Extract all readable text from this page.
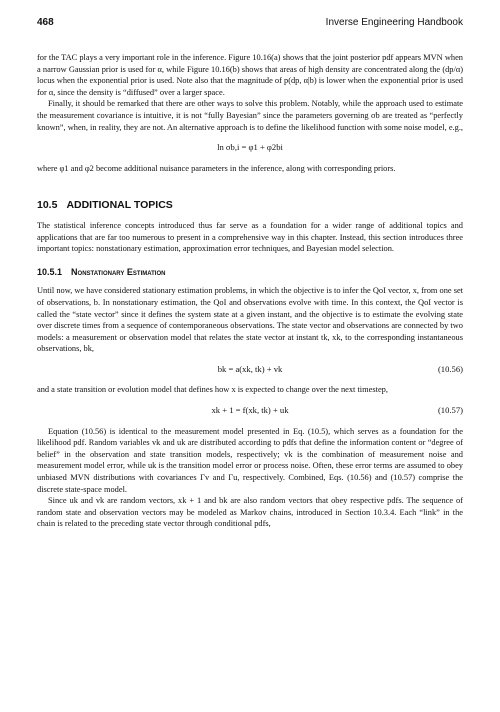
468	Inverse Engineering Handbook

for the TAC plays a very important role in the inference. Figure 10.16(a) shows that the joint posterior pdf appears MVN when a narrow Gaussian prior is used for α, while Figure 10.16(b) shows that areas of high density are concentrated along the (dp/α) locus when the exponential prior is used. Note also that the magnitude of p(dp, α|b) is lower when the exponential prior is used for α, since the density is “diffused” over a larger space.

Finally, it should be remarked that there are other ways to solve this problem. Notably, while the approach used to estimate the measurement covariance is intuitive, it is not “fully Bayesian” since the parameters governing σb are treated as “perfectly known”, when, in reality, they are not. An alternative approach is to define the likelihood function with some noise model, e.g.,

ln σb,i = φ1 + φ2bi

where φ1 and φ2 become additional nuisance parameters in the inference, along with corresponding priors.

10.5 ADDITIONAL TOPICS

The statistical inference concepts introduced thus far serve as a foundation for a wider range of additional topics and applications that are far too numerous to present in a comprehensive way in this chapter. Instead, this section introduces three important topics: nonstationary estimation, approximation error techniques, and Bayesian model selection.

10.5.1 Nonstationary Estimation

Until now, we have considered stationary estimation problems, in which the objective is to infer the QoI vector, x, from one set of observations, b. In nonstationary estimation, the QoI and observations evolve with time. In this context, the QoI vector is called the “state vector” since it defines the system state at a given instant, and the objective is to estimate the evolving state over discrete times from a sequence of contemporaneous observations. The state vector and observations are connected by two models: a measurement or observation model that relates the state vector at instant tk, xk, to the corresponding instantaneous observations, bk,

bk = a(xk, tk) + vk	(10.56)

and a state transition or evolution model that defines how x is expected to change over the next timestep,

xk + 1 = f(xk, tk) + uk	(10.57)

Equation (10.56) is identical to the measurement model presented in Eq. (10.5), which serves as a foundation for the likelihood pdf. Random variables vk and uk are distributed according to pdfs that define the information content or “degree of belief” in the observation and state transition models, respectively; vk is the combination of measurement noise and measurement model error, while uk is the transition model error or process noise. Often, these error terms are assumed to obey unbiased MVN distributions with covariances Γv and Γu, respectively. Combined, Eqs. (10.56) and (10.57) comprise the discrete state-space model.

Since uk and vk are random vectors, xk + 1 and bk are also random vectors that obey respective pdfs. The sequence of random state and observation vectors may be modeled as Markov chains, introduced in Section 10.3.4. Each “link” in the chain is related to the preceding state vector through conditional pdfs,
